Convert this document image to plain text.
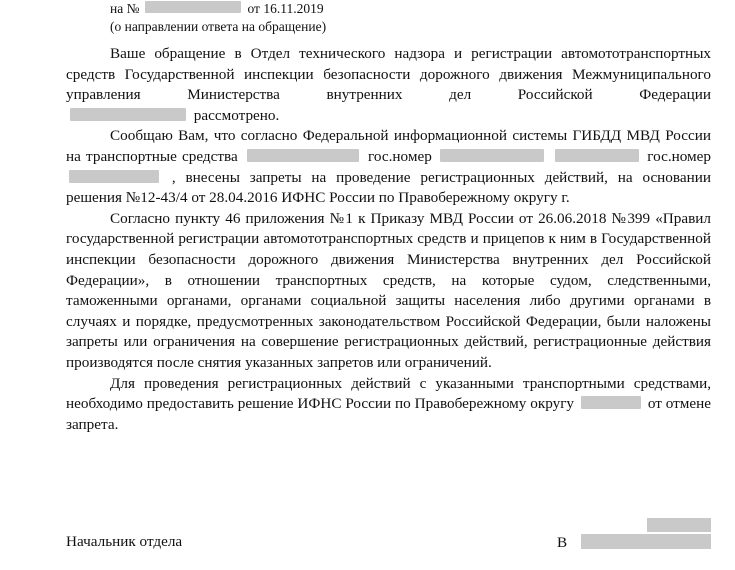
на №	от 16.11.2019
(о направлении ответа на обращение)

Ваше обращение в Отдел технического надзора и регистрации автомототранспортных средств Государственной инспекции безопасности дорожного движения Межмуниципального управления Министерства внутренних дел Российской Федерации
рассмотрено.

Сообщаю Вам, что согласно Федеральной информационной системы ГИБДД МВД России на транспортные средства	гос.номер	гос.номер  , внесены запреты на проведение регистрационных действий, на основании решения №12-43/4 от 28.04.2016 ИФНС России по Правобережному округу г.

Согласно пункту 46 приложения №1 к Приказу МВД России от 26.06.2018 №399 «Правил государственной регистрации автомототранспортных средств и прицепов к ним в Государственной инспекции безопасности дорожного движения Министерства внутренних дел Российской Федерации», в отношении транспортных средств, на которые судом, следственными, таможенными органами, органами социальной защиты населения либо другими органами в случаях и порядке, предусмотренных законодательством Российской Федерации, были наложены запреты или ограничения на совершение регистрационных действий, регистрационные действия производятся после снятия указанных запретов или ограничений.

Для проведения регистрационных действий с указанными транспортными средствами, необходимо предоставить решение ИФНС России по Правобережному округу	от отмене запрета.

Начальник отдела	В
